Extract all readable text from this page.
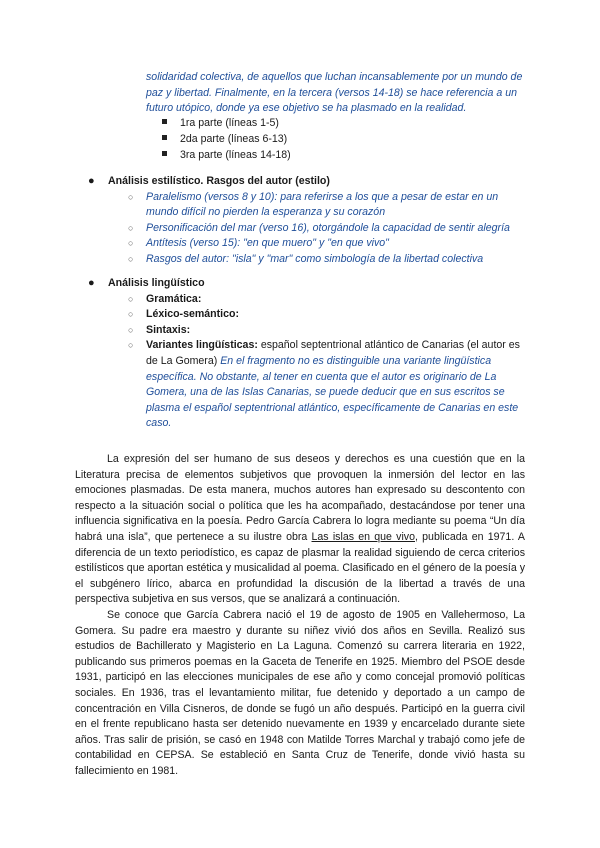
solidaridad colectiva, de aquellos que luchan incansablemente por un mundo de paz y libertad. Finalmente, en la tercera (versos 14-18) se hace referencia a un futuro utópico, donde ya ese objetivo se ha plasmado en la realidad.
1ra parte (líneas 1-5)
2da parte (líneas 6-13)
3ra parte (líneas 14-18)
● Análisis estilístico. Rasgos del autor (estilo)
○ Paralelismo (versos 8 y 10): para referirse a los que a pesar de estar en un mundo difícil no pierden la esperanza y su corazón
○ Personificación del mar (verso 16), otorgándole la capacidad de sentir alegría
○ Antítesis (verso 15): "en que muero" y "en que vivo"
○ Rasgos del autor: "isla" y "mar" como simbología de la libertad colectiva
● Análisis lingüístico
○ Gramática:
○ Léxico-semántico:
○ Sintaxis:
○ Variantes lingüísticas: español septentrional atlántico de Canarias (el autor es de La Gomera) En el fragmento no es distinguible una variante lingüística específica. No obstante, al tener en cuenta que el autor es originario de La Gomera, una de las Islas Canarias, se puede deducir que en sus escritos se plasma el español septentrional atlántico, específicamente de Canarias en este caso.

La expresión del ser humano de sus deseos y derechos es una cuestión que en la Literatura precisa de elementos subjetivos que provoquen la inmersión del lector en las emociones plasmadas. De esta manera, muchos autores han expresado su descontento con respecto a la situación social o política que les ha acompañado, destacándose por tener una influencia significativa en la poesía. Pedro García Cabrera lo logra mediante su poema “Un día habrá una isla”, que pertenece a su ilustre obra Las islas en que vivo, publicada en 1971. A diferencia de un texto periodístico, es capaz de plasmar la realidad siguiendo de cerca criterios estilísticos que aportan estética y musicalidad al poema. Clasificado en el género de la poesía y el subgénero lírico, abarca en profundidad la discusión de la libertad a través de una perspectiva subjetiva en sus versos, que se analizará a continuación.

Se conoce que García Cabrera nació el 19 de agosto de 1905 en Vallehermoso, La Gomera. Su padre era maestro y durante su niñez vivió dos años en Sevilla. Realizó sus estudios de Bachillerato y Magisterio en La Laguna. Comenzó su carrera literaria en 1922, publicando sus primeros poemas en la Gaceta de Tenerife en 1925. Miembro del PSOE desde 1931, participó en las elecciones municipales de ese año y como concejal promovió políticas sociales. En 1936, tras el levantamiento militar, fue detenido y deportado a un campo de concentración en Villa Cisneros, de donde se fugó un año después. Participó en la guerra civil en el frente republicano hasta ser detenido nuevamente en 1939 y encarcelado durante siete años. Tras salir de prisión, se casó en 1948 con Matilde Torres Marchal y trabajó como jefe de contabilidad en CEPSA. Se estableció en Santa Cruz de Tenerife, donde vivió hasta su fallecimiento en 1981.
